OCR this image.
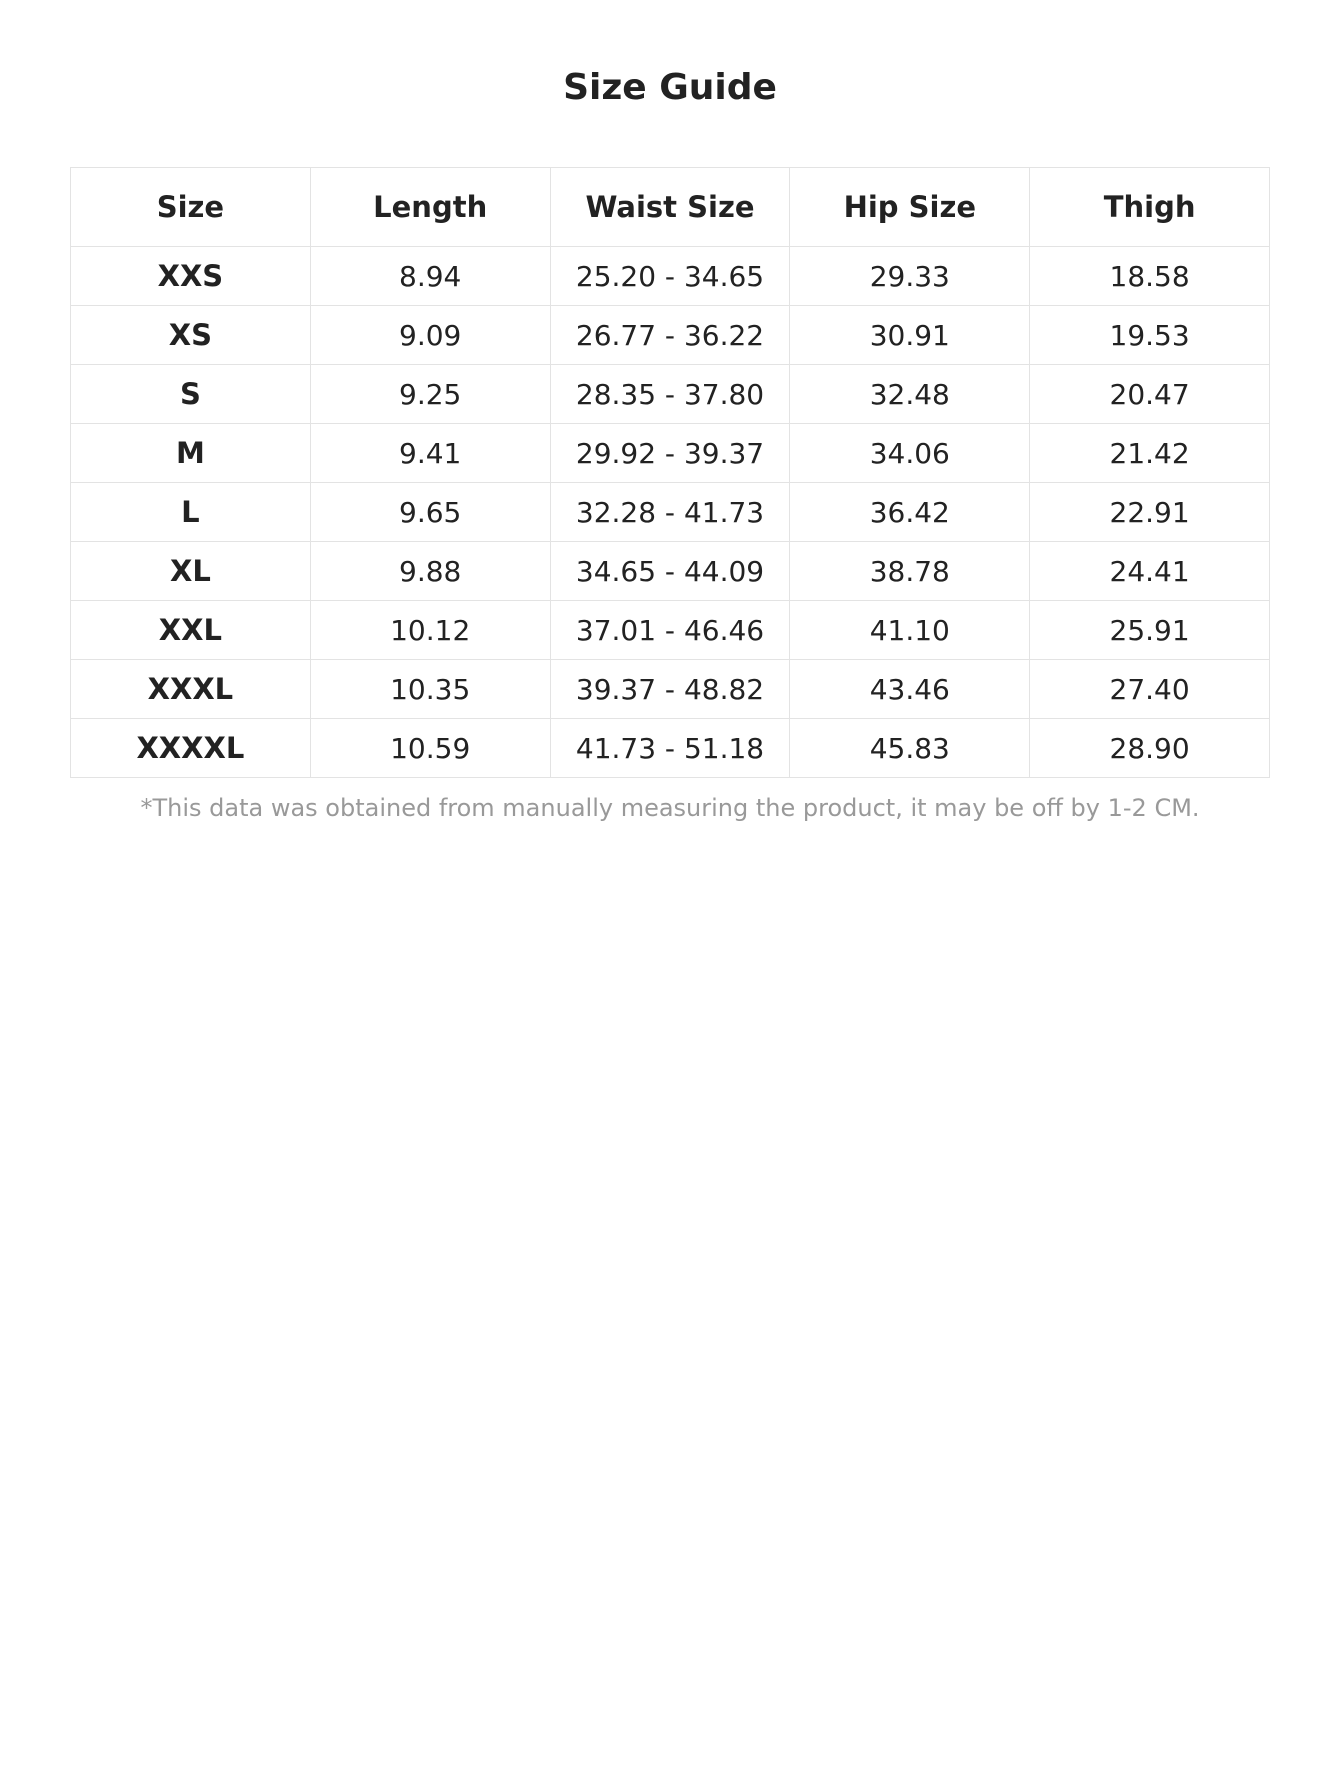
Size Guide
Size	Length	Waist Size	Hip Size	Thigh
XXS	8.94	25.20 - 34.65	29.33	18.58
XS	9.09	26.77 - 36.22	30.91	19.53
S	9.25	28.35 - 37.80	32.48	20.47
M	9.41	29.92 - 39.37	34.06	21.42
L	9.65	32.28 - 41.73	36.42	22.91
XL	9.88	34.65 - 44.09	38.78	24.41
XXL	10.12	37.01 - 46.46	41.10	25.91
XXXL	10.35	39.37 - 48.82	43.46	27.40
XXXXL	10.59	41.73 - 51.18	45.83	28.90
*This data was obtained from manually measuring the product, it may be off by 1-2 CM.
